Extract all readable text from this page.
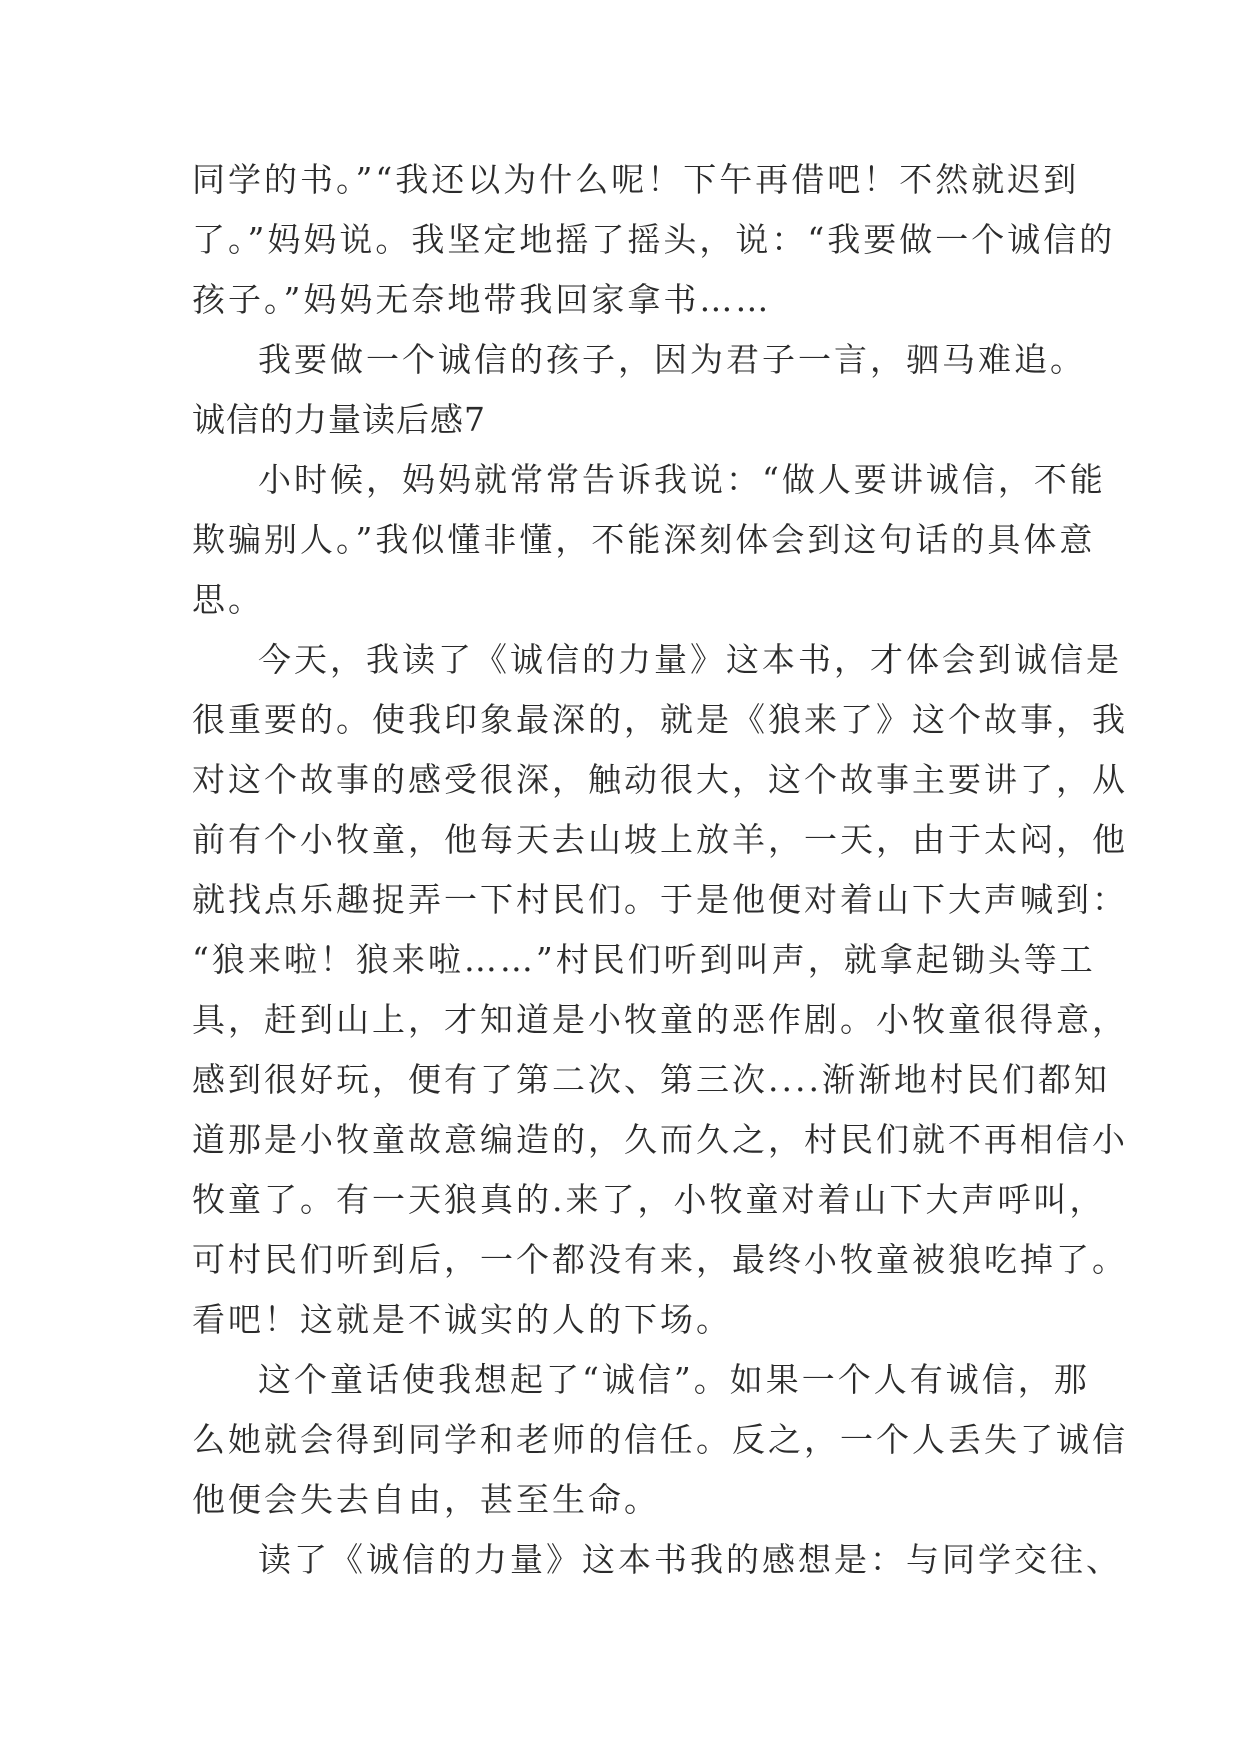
同学的书。”“我还以为什么呢！下午再借吧！不然就迟到
了。”妈妈说。我坚定地摇了摇头，说：“我要做一个诚信的
孩子。”妈妈无奈地带我回家拿书……
我要做一个诚信的孩子，因为君子一言，驷马难追。
诚信的力量读后感7
小时候，妈妈就常常告诉我说：“做人要讲诚信，不能
欺骗别人。”我似懂非懂，不能深刻体会到这句话的具体意
思。
今天，我读了《诚信的力量》这本书，才体会到诚信是
很重要的。使我印象最深的，就是《狼来了》这个故事，我
对这个故事的感受很深，触动很大，这个故事主要讲了，从
前有个小牧童，他每天去山坡上放羊，一天，由于太闷，他
就找点乐趣捉弄一下村民们。于是他便对着山下大声喊到：
“狼来啦！狼来啦……”村民们听到叫声，就拿起锄头等工
具，赶到山上，才知道是小牧童的恶作剧。小牧童很得意，
感到很好玩，便有了第二次、第三次....渐渐地村民们都知
道那是小牧童故意编造的，久而久之，村民们就不再相信小
牧童了。有一天狼真的.来了，小牧童对着山下大声呼叫，
可村民们听到后，一个都没有来，最终小牧童被狼吃掉了。
看吧！这就是不诚实的人的下场。
这个童话使我想起了“诚信”。如果一个人有诚信，那
么她就会得到同学和老师的信任。反之，一个人丢失了诚信
他便会失去自由，甚至生命。
读了《诚信的力量》这本书我的感想是：与同学交往、
